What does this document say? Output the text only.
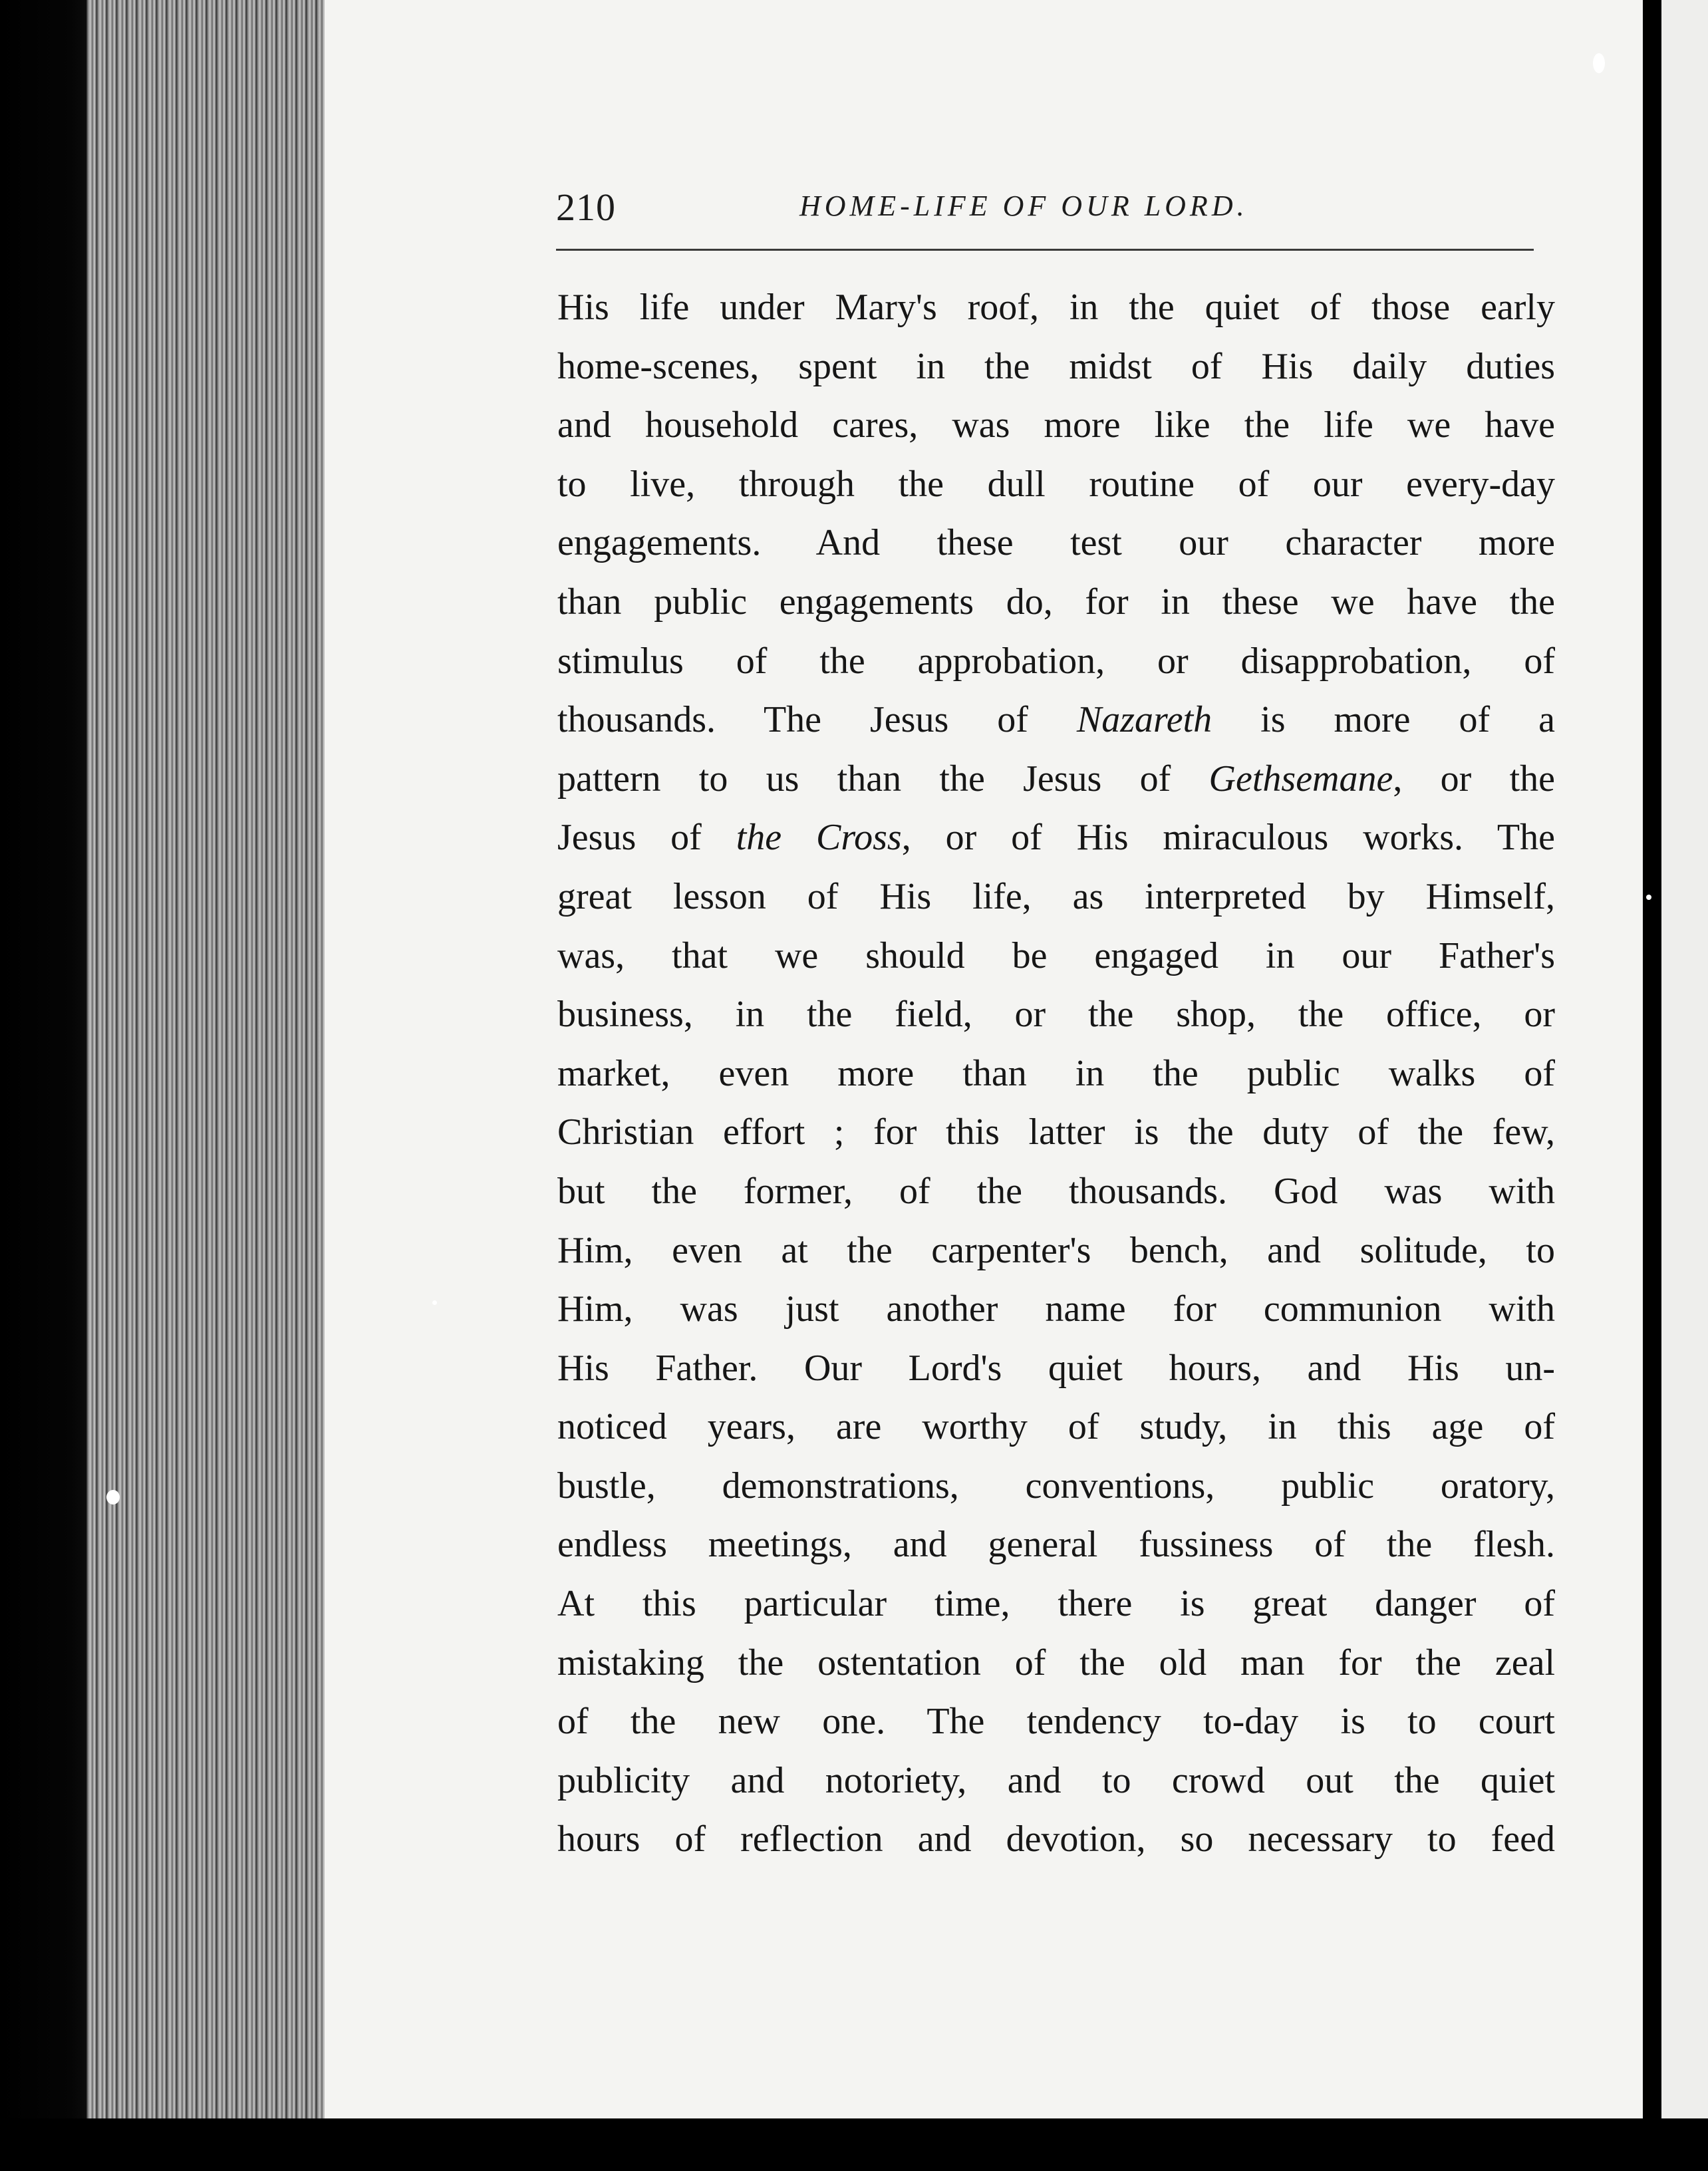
210	HOME-LIFE OF OUR LORD.
His life under Mary's roof, in the quiet of those early
home-scenes, spent in the midst of His daily duties
and household cares, was more like the life we have
to live, through the dull routine of our every-day
engagements. And these test our character more
than public engagements do, for in these we have the
stimulus of the approbation, or disapprobation, of
thousands. The Jesus of Nazareth is more of a
pattern to us than the Jesus of Gethsemane, or the
Jesus of the Cross, or of His miraculous works. The
great lesson of His life, as interpreted by Himself,
was, that we should be engaged in our Father's
business, in the field, or the shop, the office, or
market, even more than in the public walks of
Christian effort ; for this latter is the duty of the few,
but the former, of the thousands. God was with
Him, even at the carpenter's bench, and solitude, to
Him, was just another name for communion with
His Father. Our Lord's quiet hours, and His un-
noticed years, are worthy of study, in this age of
bustle, demonstrations, conventions, public oratory,
endless meetings, and general fussiness of the flesh.
At this particular time, there is great danger of
mistaking the ostentation of the old man for the zeal
of the new one. The tendency to-day is to court
publicity and notoriety, and to crowd out the quiet
hours of reflection and devotion, so necessary to feed
